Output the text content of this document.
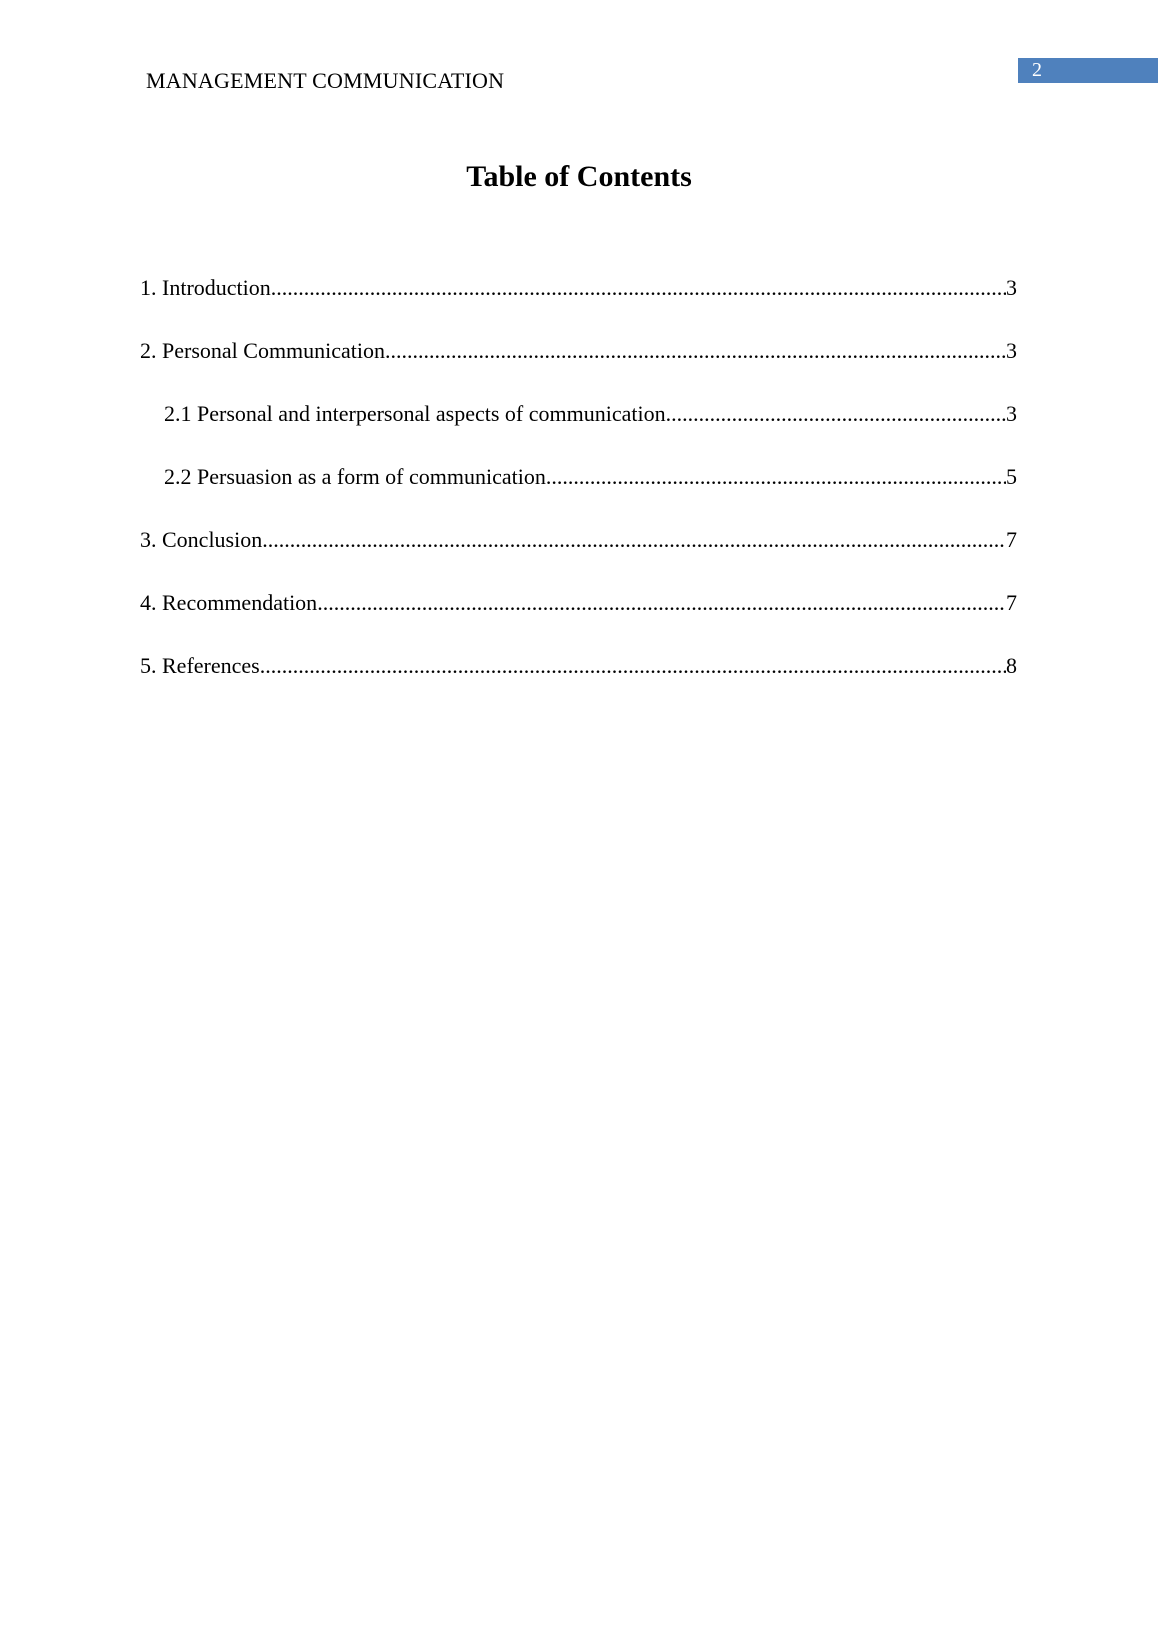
MANAGEMENT COMMUNICATION	2
Table of Contents
1. Introduction .....	3
2. Personal Communication .....	3
2.1 Personal and interpersonal aspects of communication .....	3
2.2 Persuasion as a form of communication .....	5
3. Conclusion .....	7
4. Recommendation .....	7
5. References .....	8
